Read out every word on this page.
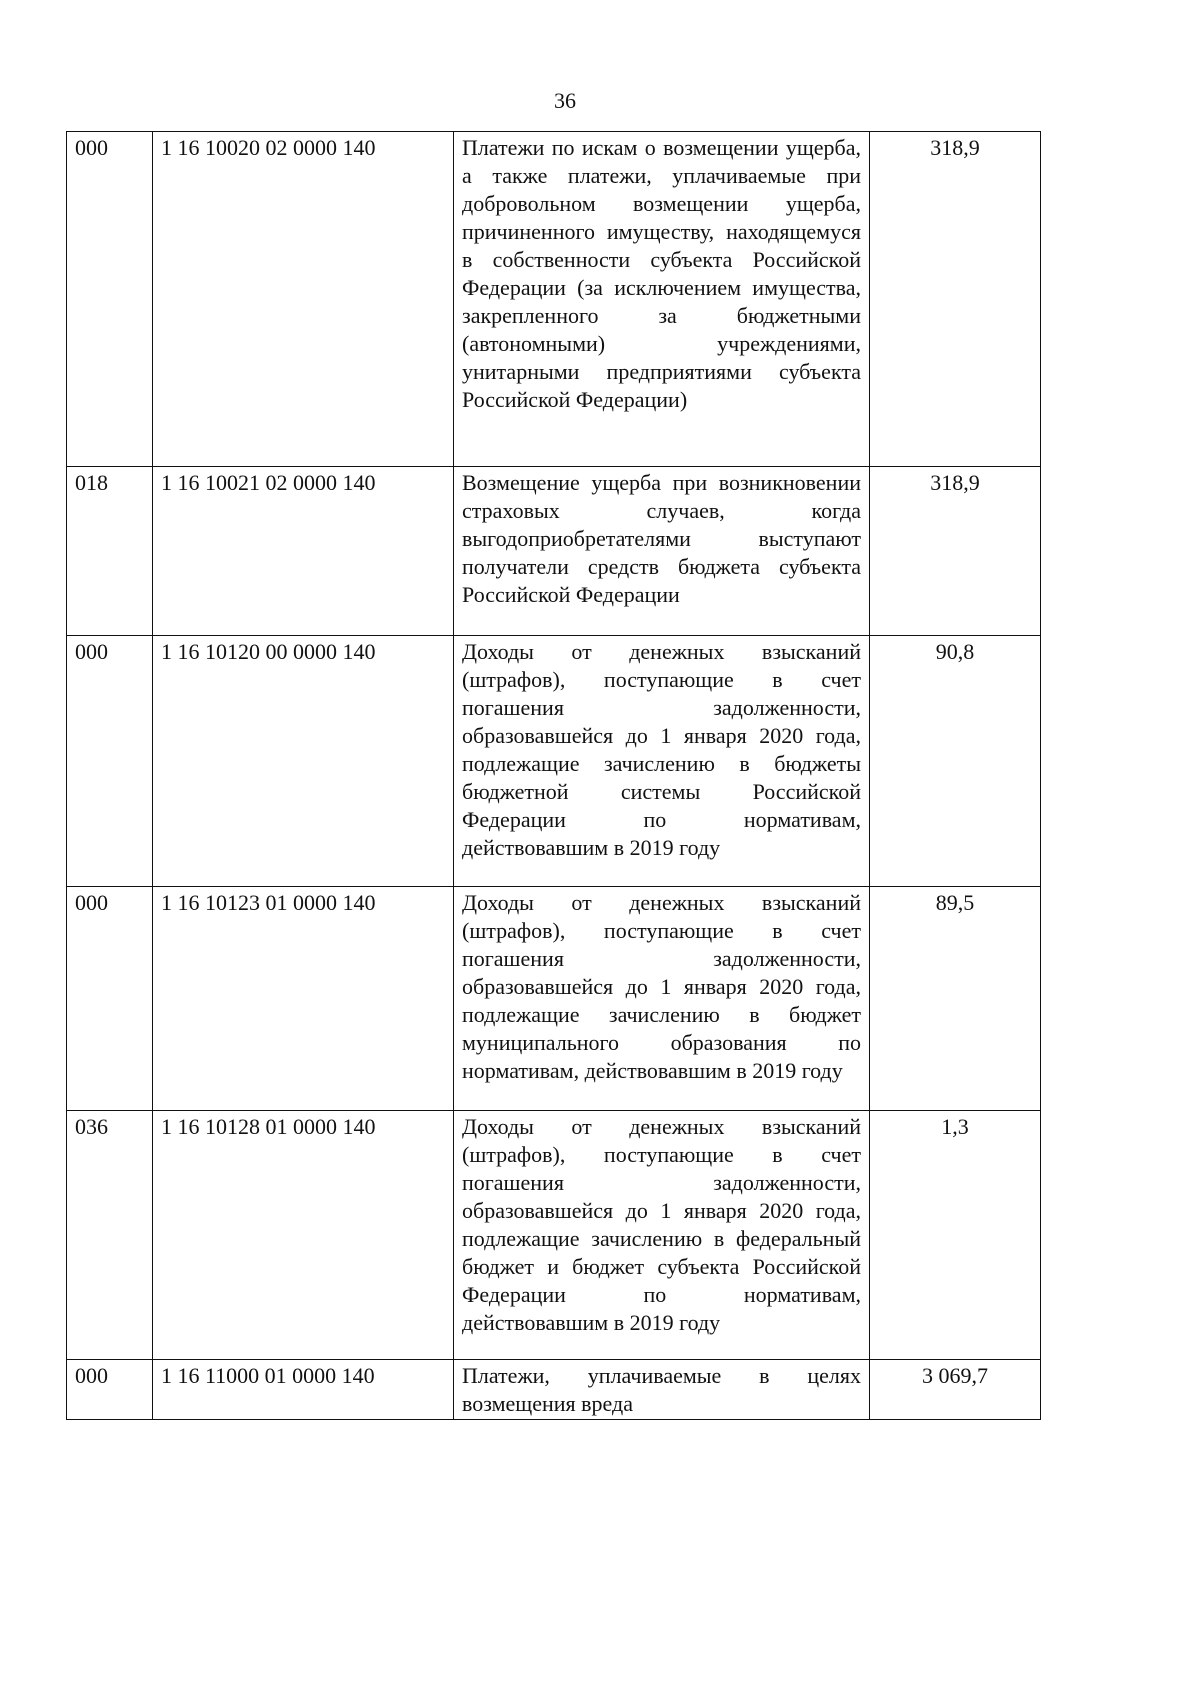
36
000	1 16 10020 02 0000 140	Платежи по искам о возмещении ущерба, а также платежи, уплачиваемые при добровольном возмещении ущерба, причиненного имуществу, находящемуся в собственности субъекта Российской Федерации (за исключением имущества, закрепленного за бюджетными (автономными) учреждениями, унитарными предприятиями субъекта Российской Федерации)	318,9
018	1 16 10021 02 0000 140	Возмещение ущерба при возникновении страховых случаев, когда выгодоприобретателями выступают получатели средств бюджета субъекта Российской Федерации	318,9
000	1 16 10120 00 0000 140	Доходы от денежных взысканий (штрафов), поступающие в счет погашения задолженности, образовавшейся до 1 января 2020 года, подлежащие зачислению в бюджеты бюджетной системы Российской Федерации по нормативам, действовавшим в 2019 году	90,8
000	1 16 10123 01 0000 140	Доходы от денежных взысканий (штрафов), поступающие в счет погашения задолженности, образовавшейся до 1 января 2020 года, подлежащие зачислению в бюджет муниципального образования по нормативам, действовавшим в 2019 году	89,5
036	1 16 10128 01 0000 140	Доходы от денежных взысканий (штрафов), поступающие в счет погашения задолженности, образовавшейся до 1 января 2020 года, подлежащие зачислению в федеральный бюджет и бюджет субъекта Российской Федерации по нормативам, действовавшим в 2019 году	1,3
000	1 16 11000 01 0000 140	Платежи, уплачиваемые в целях возмещения вреда	3 069,7
